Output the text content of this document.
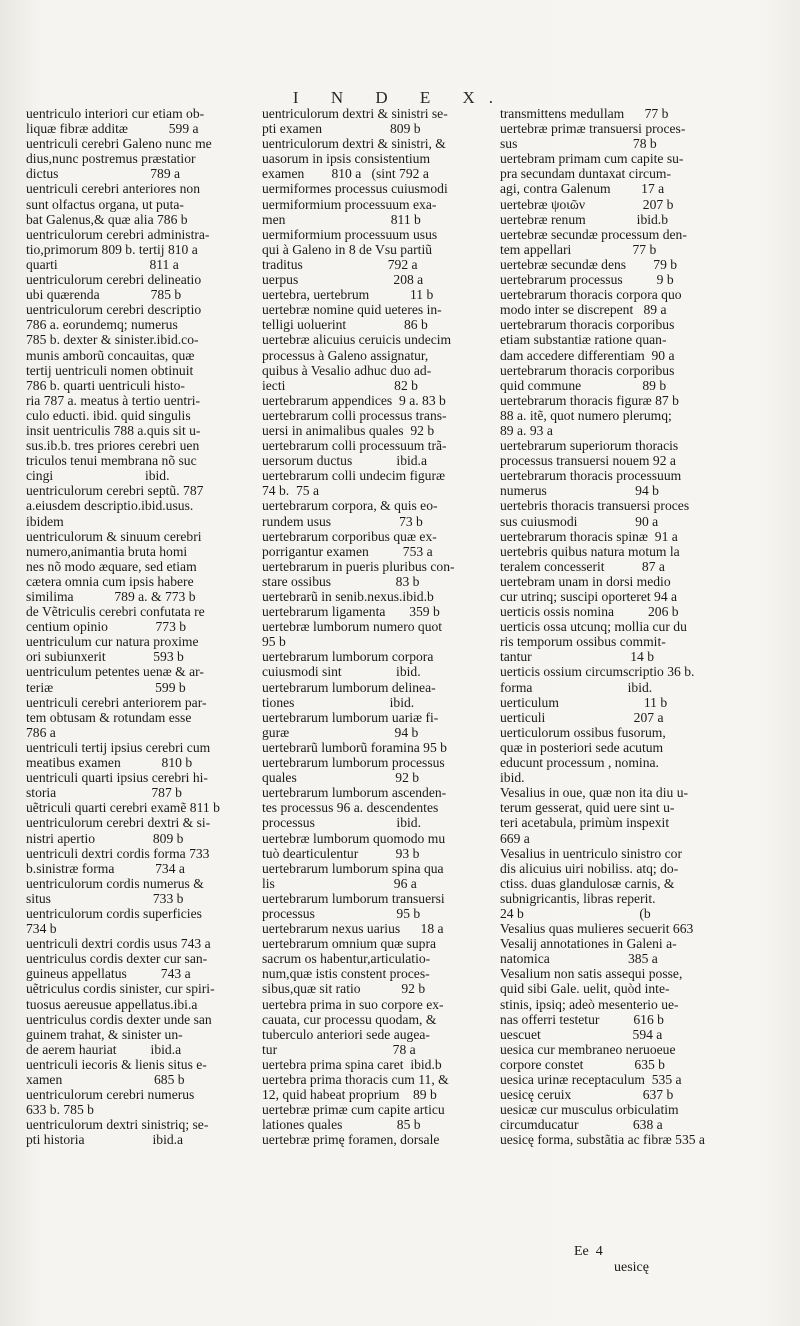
I N D E X.
uentriculo interiori cur etiam ob-
liquæ fibræ additæ            599 a
uentriculi cerebri Galeno nunc me
dius,nunc postremus præstatior
dictus                           789 a
uentriculi cerebri anteriores non
sunt olfactus organa, ut puta-
bat Galenus,& quæ alia 786 b
uentriculorum cerebri administra-
tio,primorum 809 b. tertij 810 a
quarti                           811 a
uentriculorum cerebri delineatio
ubi quærenda               785 b
uentriculorum cerebri descriptio
786 a. eorundemq; numerus
785 b. dexter & sinister.ibid.co-
munis amborũ concauitas, quæ
tertij uentriculi nomen obtinuit
786 b. quarti uentriculi histo-
ria 787 a. meatus à tertio uentri-
culo educti. ibid. quid singulis
insit uentriculis 788 a.quis sit u-
sus.ib.b. tres priores cerebri uen
triculos tenui membrana nõ suc
cingi                           ibid.
uentriculorum cerebri septũ. 787
a.eiusdem descriptio.ibid.usus.
ibidem
uentriculorum & sinuum cerebri
numero,animantia bruta homi
nes nõ modo æquare, sed etiam
cætera omnia cum ipsis habere
similima            789 a. & 773 b
de Vẽtriculis cerebri confutata re
centium opinio              773 b
uentriculum cur natura proxime
ori subiunxerit              593 b
uentriculum petentes uenæ & ar-
teriæ                              599 b
uentriculi cerebri anteriorem par-
tem obtusam & rotundam esse
786 a
uentriculi tertij ipsius cerebri cum
meatibus examen            810 b
uentriculi quarti ipsius cerebri hi-
storia                            787 b
uẽtriculi quarti cerebri examẽ 811 b
uentriculorum cerebri dextri & si-
nistri apertio                 809 b
uentriculi dextri cordis forma 733
b.sinistræ forma            734 a
uentriculorum cordis numerus &
situs                              733 b
uentriculorum cordis superficies
734 b
uentriculi dextri cordis usus 743 a
uentriculus cordis dexter cur san-
guineus appellatus          743 a
uẽtriculus cordis sinister, cur spiri-
tuosus aereusue appellatus.ibi.a
uentriculus cordis dexter unde san
guinem trahat, & sinister un-
de aerem hauriat          ibid.a
uentriculi iecoris & lienis situs e-
xamen                           685 b
uentriculorum cerebri numerus
633 b. 785 b
uentriculorum dextri sinistriq; se-
pti historia                    ibid.a
uentriculorum dextri & sinistri se-
pti examen                    809 b
uentriculorum dextri & sinistri, &
uasorum in ipsis consistentium
examen        810 a   (sint 792 a
uermiformes processus cuiusmodi
uermiformium processuum exa-
men                               811 b
uermiformium processuum usus
qui à Galeno in 8 de Vsu partiũ
traditus                         792 a
uerpus                            208 a
uertebra, uertebrum            11 b
uertebræ nomine quid ueteres in-
telligi uoluerint                 86 b
uertebræ alicuius ceruicis undecim
processus à Galeno assignatur,
quibus à Vesalio adhuc duo ad-
iecti                                82 b
uertebrarum appendices  9 a. 83 b
uertebrarum colli processus trans-
uersi in animalibus quales  92 b
uertebrarum colli processuum trã-
uersorum ductus             ibid.a
uertebrarum colli undecim figuræ
74 b.  75 a
uertebrarum corpora, & quis eo-
rundem usus                    73 b
uertebrarum corporibus quæ ex-
porrigantur examen          753 a
uertebrarum in pueris pluribus con-
stare ossibus                   83 b
uertebrarũ in senib.nexus.ibid.b
uertebrarum ligamenta       359 b
uertebræ lumborum numero quot
95 b
uertebrarum lumborum corpora
cuiusmodi sint                ibid.
uertebrarum lumborum delinea-
tiones                            ibid.
uertebrarum lumborum uariæ fi-
guræ                               94 b
uertebrarũ lumborũ foramina 95 b
uertebrarum lumborum processus
quales                             92 b
uertebrarum lumborum ascenden-
tes processus 96 a. descendentes
processus                        ibid.
uertebræ lumborum quomodo mu
tuò dearticulentur           93 b
uertebrarum lumborum spina qua
lis                                   96 a
uertebrarum lumborum transuersi
processus                        95 b
uertebrarum nexus uarius      18 a
uertebrarum omnium quæ supra
sacrum os habentur,articulatio-
num,quæ istis constent proces-
sibus,quæ sit ratio            92 b
uertebra prima in suo corpore ex-
cauata, cur processu quodam, &
tuberculo anteriori sede augea-
tur                                  78 a
uertebra prima spina caret  ibid.b
uertebra prima thoracis cum 11, &
12, quid habeat proprium    89 b
uertebræ primæ cum capite articu
lationes quales                85 b
uertebræ primę foramen, dorsale
transmittens medullam      77 b
uertebræ primæ transuersi proces-
sus                                  78 b
uertebram primam cum capite su-
pra secundam duntaxat circum-
agi, contra Galenum         17 a
uertebræ ψοιῶν                 207 b
uertebræ renum               ibid.b
uertebræ secundæ processum den-
tem appellari                  77 b
uertebræ secundæ dens        79 b
uertebrarum processus          9 b
uertebrarum thoracis corpora quo
modo inter se discrepent   89 a
uertebrarum thoracis corporibus
etiam substantiæ ratione quan-
dam accedere differentiam  90 a
uertebrarum thoracis corporibus
quid commune                  89 b
uertebrarum thoracis figuræ 87 b
88 a. itẽ, quot numero plerumq;
89 a. 93 a
uertebrarum superiorum thoracis
processus transuersi nouem 92 a
uertebrarum thoracis processuum
numerus                          94 b
uertebris thoracis transuersi proces
sus cuiusmodi                 90 a
uertebrarum thoracis spinæ  91 a
uertebris quibus natura motum la
teralem concesserit           87 a
uertebram unam in dorsi medio
cur utrinq; suscipi oporteret 94 a
uerticis ossis nomina          206 b
uerticis ossa utcunq; mollia cur du
ris temporum ossibus commit-
tantur                             14 b
uerticis ossium circumscriptio 36 b.
forma                            ibid.
uerticulum                         11 b
uerticuli                          207 a
uerticulorum ossibus fusorum,
quæ in posteriori sede acutum
educunt processum , nomina.
ibid.
Vesalius in oue, quæ non ita diu u-
terum gesserat, quid uere sint u-
teri acetabula, primùm inspexit
669 a
Vesalius in uentriculo sinistro cor
dis alicuius uiri nobiliss. atq; do-
ctiss. duas glandulosæ carnis, &
subnigricantis, libras reperit.
24 b                                  (b
Vesalius quas mulieres secuerit 663
Vesalij annotationes in Galeni a-
natomica                       385 a
Vesalium non satis assequi posse,
quid sibi Gale. uelit, quòd inte-
stinis, ipsiq; adeò mesenterio ue-
nas offerri testetur          616 b
uescuet                           594 a
uesica cur membraneo neruoeue
corpore constet               635 b
uesica urinæ receptaculum  535 a
uesicę ceruix                     637 b
uesicæ cur musculus orbiculatim
circumducatur                638 a
uesicę forma, substãtia ac fibræ 535 a

Ee  4
uesicę
